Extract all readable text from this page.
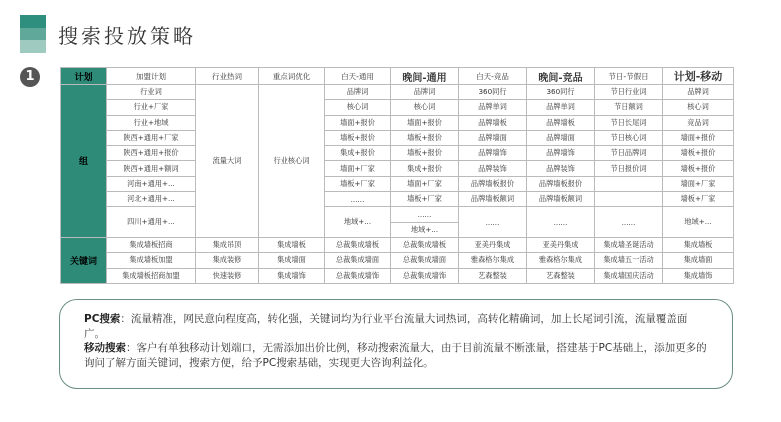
搜索投放策略
1	计划	加盟计划	行业热词	重点词优化	白天-通用	晚间-通用	白天-竞品	晚间-竞品	节日-节假日	计划-移动
组	行业词	流量大词	行业核心词	品牌词	品牌词	360同行	360同行	节日行业词	品牌词
	行业+厂家			核心词	核心词	品牌单词	品牌单词	节日额词	核心词
	行业+地域			墙面+报价	墙面+报价	品牌墙板	品牌墙板	节日长尾词	竞品词
	陕西+通用+厂家			墙板+报价	墙板+报价	品牌墙面	品牌墙面	节日核心词	墙面+报价
	陕西+通用+报价			集成+报价	墙板+报价	品牌墙饰	品牌墙饰	节日品牌词	墙板+报价
	陕西+通用+额词			墙面+厂家	集成+报价	品牌装饰	品牌装饰	节日报价词	墙板+报价
	河南+通用+...			墙板+厂家	墙面+厂家	品牌墙板报价	品牌墙板报价		墙面+厂家
	河北+通用+...			......	墙板+厂家	品牌墙板额词	品牌墙板额词		墙板+厂家
	四川+通用+...			地域+...	......	......	......	......	地域+...
					地域+...				
关键词	集成墙板招商	集成吊顶	集成墙板	总裁集成墙板	总裁集成墙板	亚美丹集成	亚美丹集成	集成墙圣诞活动	集成墙板
	集成墙板加盟	集成装修	集成墙面	总裁集成墙面	总裁集成墙面	雅森格尔集成	雅森格尔集成	集成墙五一活动	集成墙面
	集成墙板招商加盟	快速装修	集成墙饰	总裁集成墙饰	总裁集成墙饰	艺森整装	艺森整装	集成墙国庆活动	集成墙饰
PC搜索：流量精准，网民意向程度高，转化强，关键词均为行业平台流量大词热词，高转化精确词，加上长尾词引流，流量覆盖面广。
移动搜索：客户有单独移动计划端口，无需添加出价比例，移动搜索流量大，由于目前流量不断涨量，搭建基于PC基础上，添加更多的询问了解方面关键词，搜索方便，给予PC搜索基础，实现更大咨询利益化。
